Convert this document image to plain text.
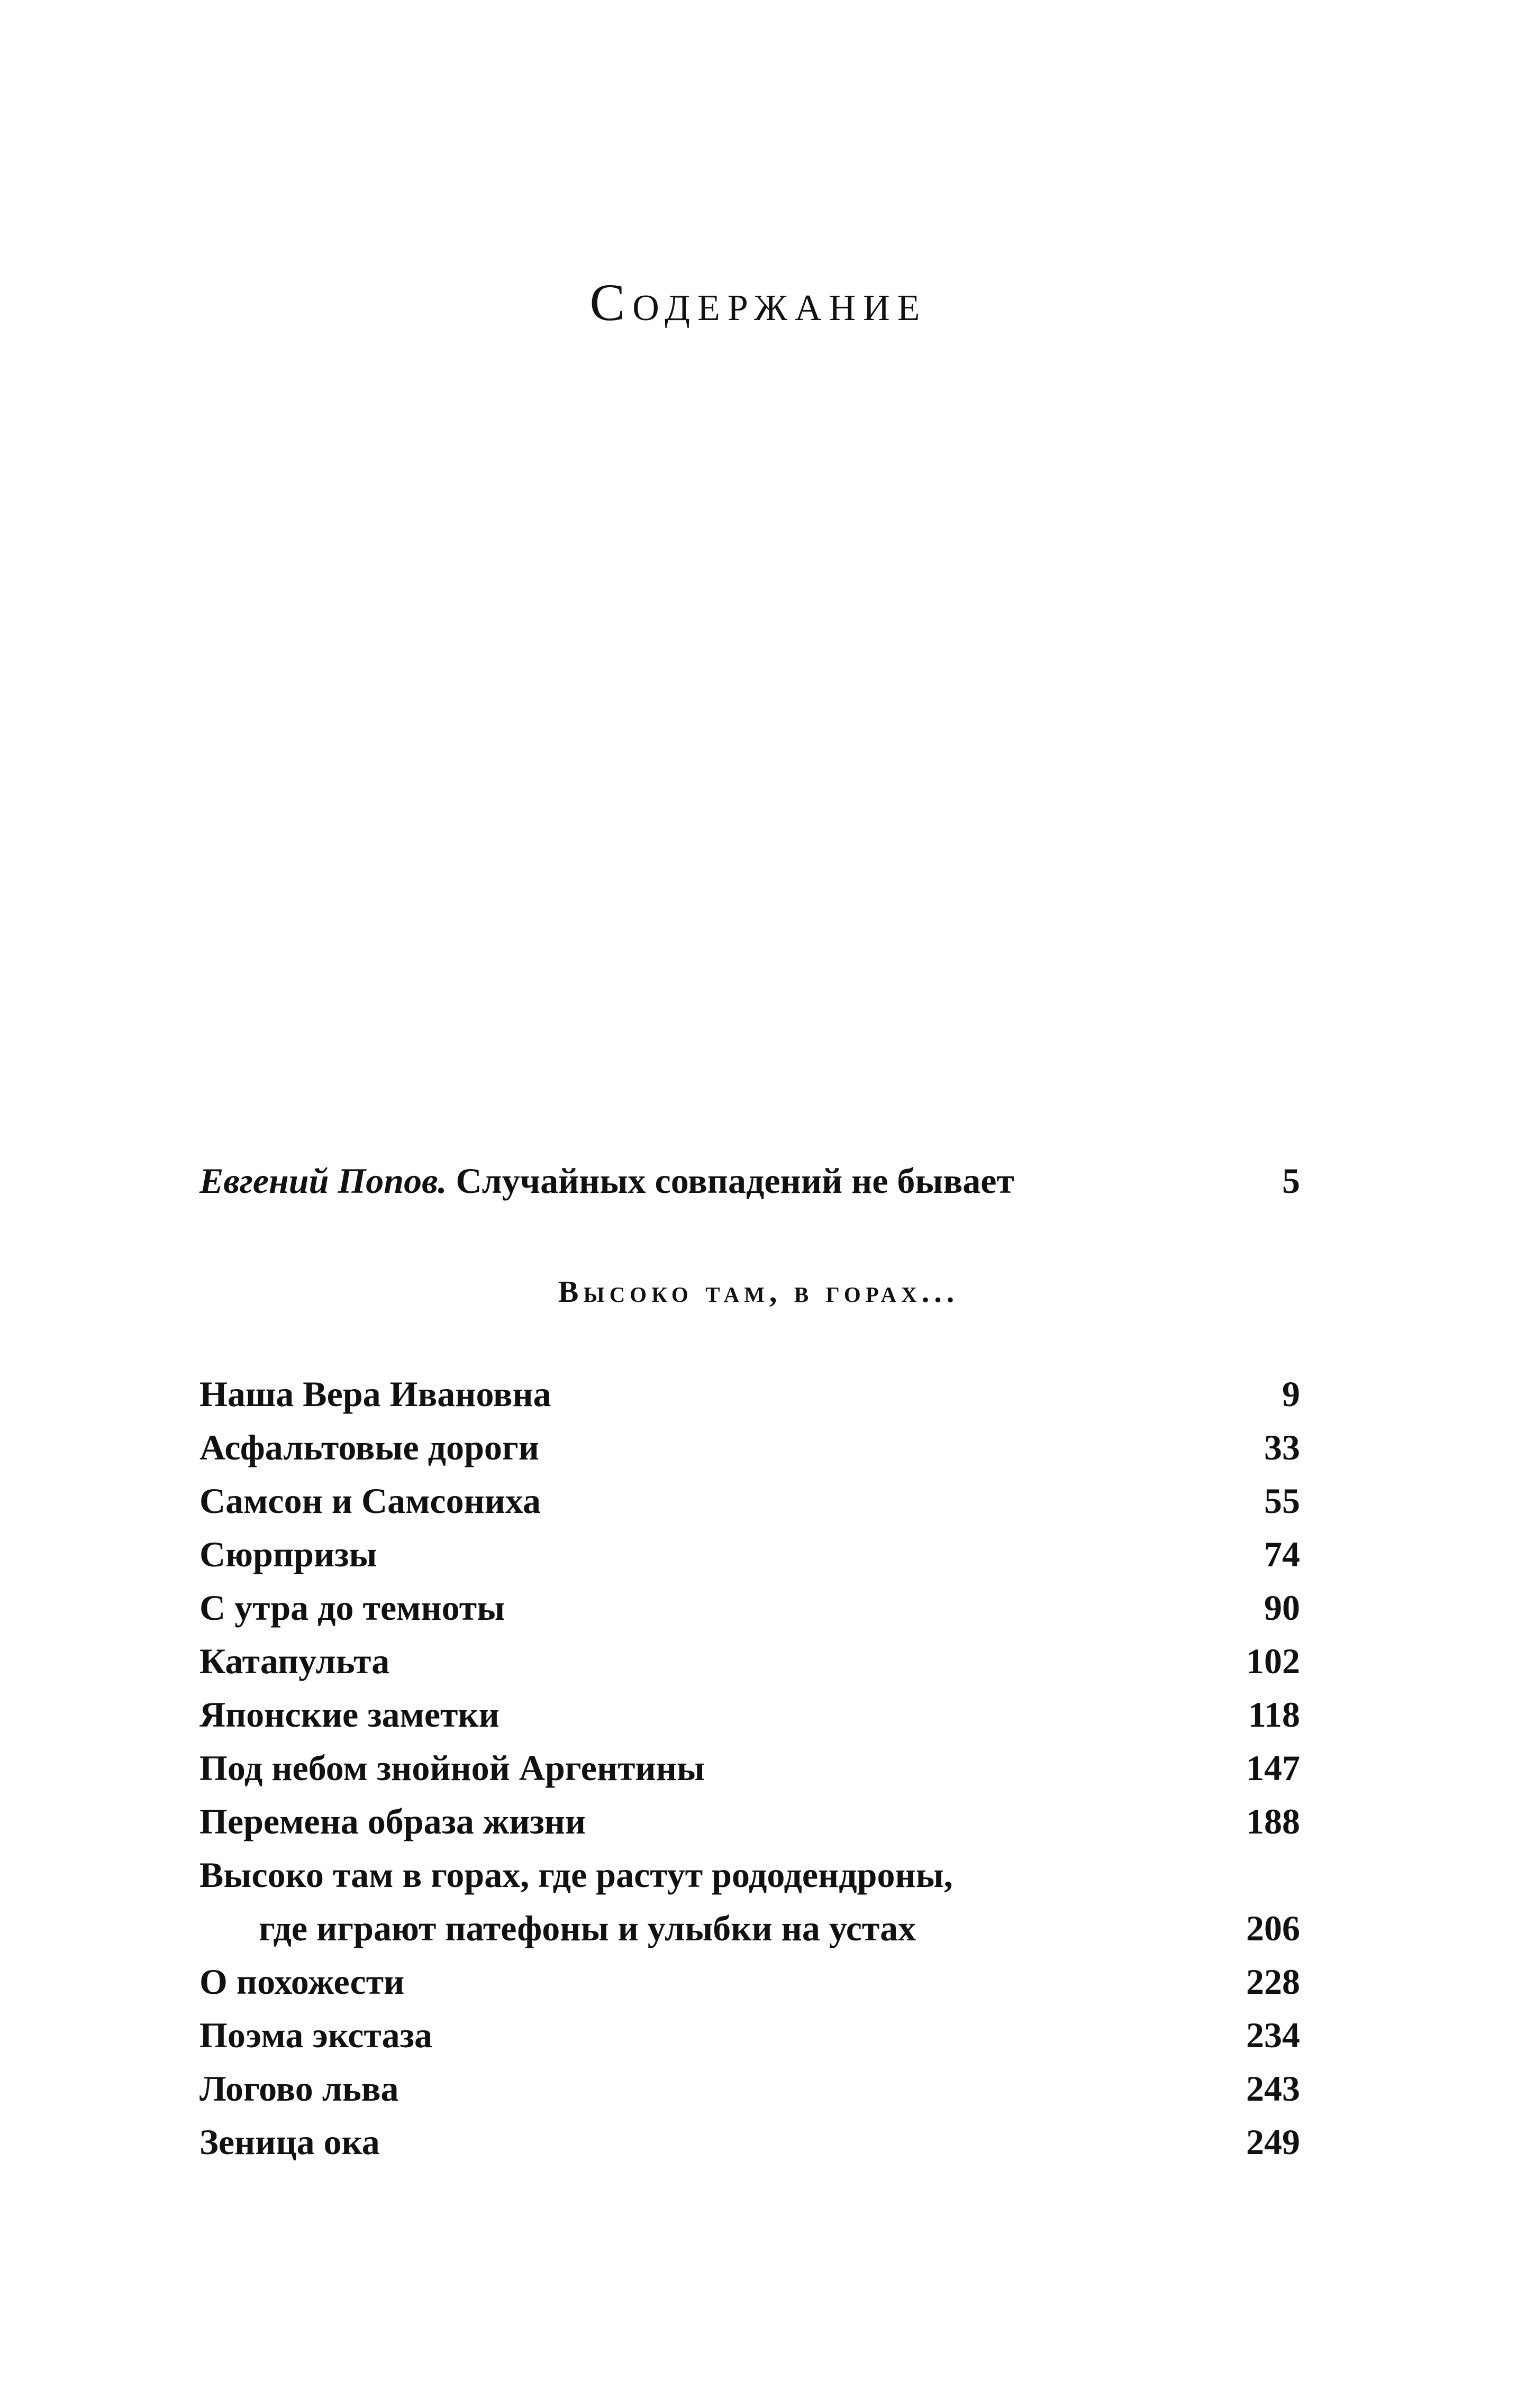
Содержание
Евгений Попов. Случайных совпадений не бывает	5
Высоко там, в горах...
Наша Вера Ивановна	9
Асфальтовые дороги	33
Самсон и Самсониха	55
Сюрпризы	74
С утра до темноты	90
Катапульта	102
Японские заметки	118
Под небом знойной Аргентины	147
Перемена образа жизни	188
Высоко там в горах, где растут рододендроны,
где играют патефоны и улыбки на устах	206
О похожести	228
Поэма экстаза	234
Логово льва	243
Зеница ока	249
